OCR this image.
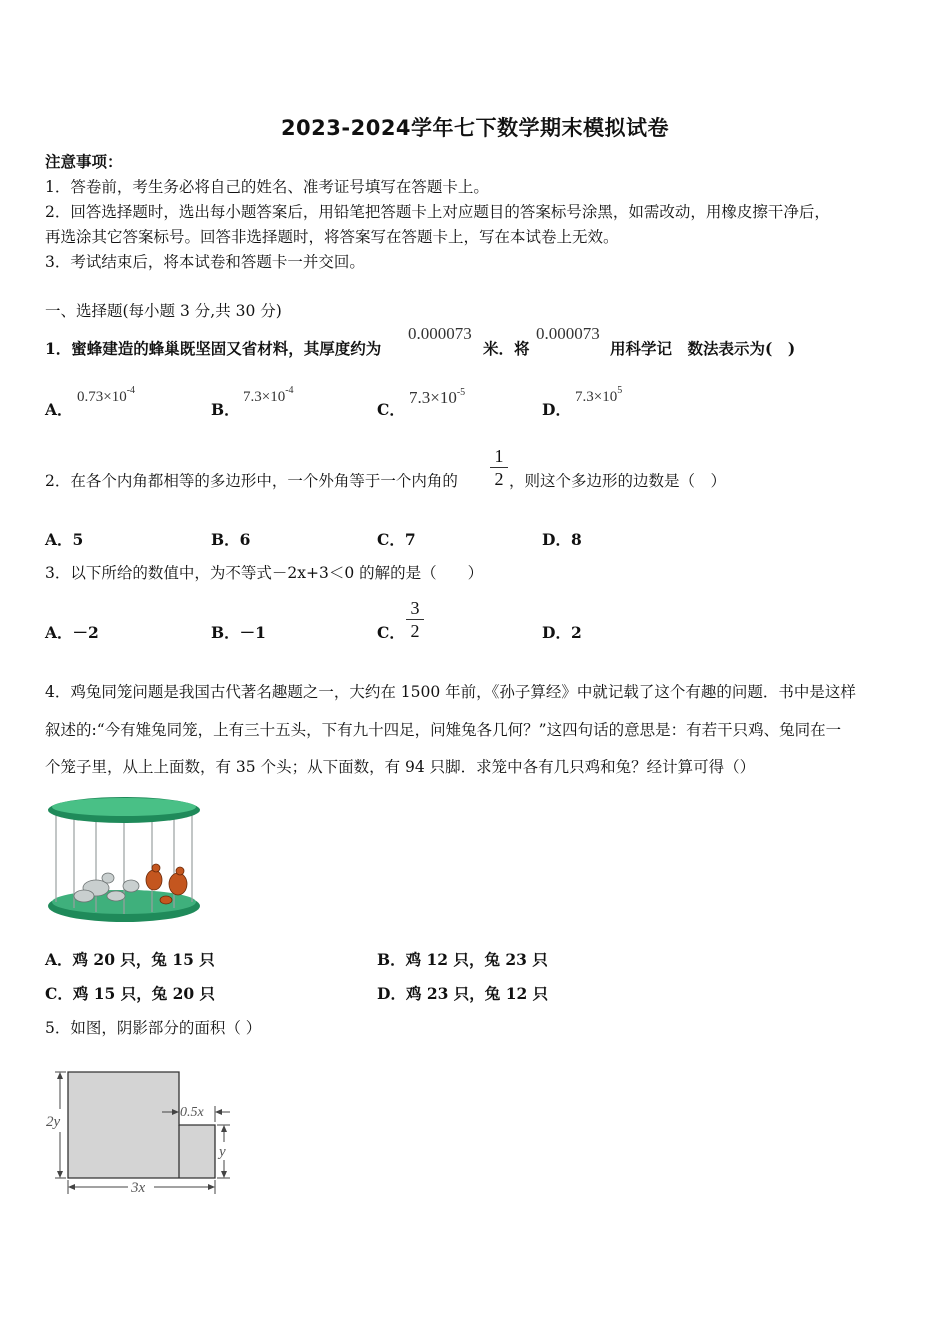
2023-2024学年七下数学期末模拟试卷
注意事项：
1．答卷前，考生务必将自己的姓名、准考证号填写在答题卡上。
2．回答选择题时，选出每小题答案后，用铅笔把答题卡上对应题目的答案标号涂黑，如需改动，用橡皮擦干净后，
再选涂其它答案标号。回答非选择题时，将答案写在答题卡上，写在本试卷上无效。
3．考试结束后，将本试卷和答题卡一并交回。
一、选择题(每小题 3 分,共 30 分)
1．蜜蜂建造的蜂巢既坚固又省材料，其厚度约为
0.000073
米．将
0.000073
用科学记　数法表示为(　)
A．
$0.73\times 10^{-4}$
B．
$7.3\times 10^{-4}$
C．
$7.3\times 10^{-5}$
D．
$7.3\times 10^5$
2．在各个内角都相等的多边形中，一个外角等于一个内角的 $\frac{1}{2}$ ，则这个多边形的边数是（　）
A．5	B．6	C．7	D．8
3．以下所给的数值中，为不等式－2x+3＜0 的解的是（　　）
A．－2	B．－1	C． $\frac{3}{2}$	D．2
4．鸡兔同笼问题是我国古代著名趣题之一，大约在 1500 年前，《孙子算经》中就记载了这个有趣的问题．书中是这样
叙述的:“今有雉兔同笼，上有三十五头，下有九十四足，问雉兔各几何？”这四句话的意思是：有若干只鸡、兔同在一
个笼子里，从上上面数，有 35 个头；从下面数，有 94 只脚．求笼中各有几只鸡和兔？经计算可得（）
A．鸡 20 只，兔 15 只	B．鸡 12 只，兔 23 只
C．鸡 15 只，兔 20 只	D．鸡 23 只，兔 12 只
5．如图，阴影部分的面积（ ）
2y
0.5x
y
3x
